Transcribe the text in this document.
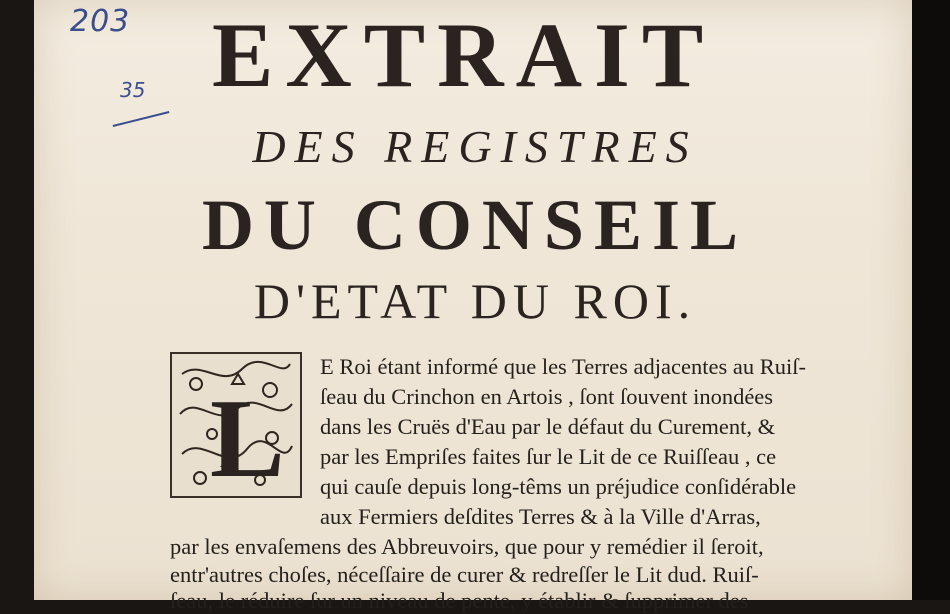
203
35 EXTRAIT
DES REGISTRES
DU CONSEIL
D'ETAT DU ROI.
L
E Roi étant informé que les Terres adjacentes au Ruiſ-
ſeau du Crinchon en Artois , ſont ſouvent inondées
dans les Cruës d'Eau par le défaut du Curement, &
par les Empriſes faites ſur le Lit de ce Ruiſſeau , ce
qui cauſe depuis long-têms un préjudice conſidérable
aux Fermiers deſdites Terres & à la Ville d'Arras,
par les envaſemens des Abbreuvoirs, que pour y remédier il ſeroit,
entr'autres choſes, néceſſaire de curer & redreſſer le Lit dud. Ruiſ-
ſeau, le réduire ſur un niveau de pente, y établir & ſupprimer des
